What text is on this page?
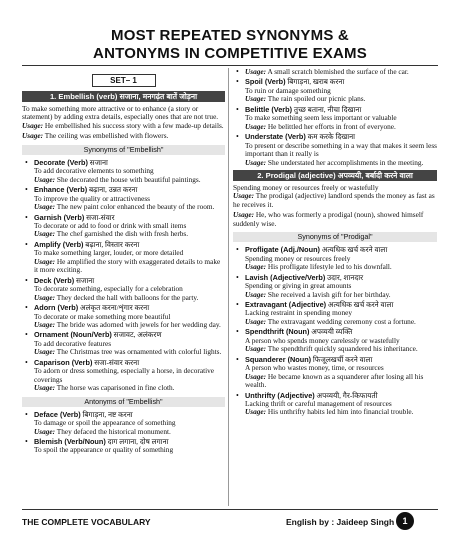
MOST REPEATED SYNONYMS &
ANTONYMS IN COMPETITIVE EXAMS
SET– 1
1. Embellish (verb) सजाना, मनगढ़ंत बातें जोड़ना

To make something more attractive or to enhance (a story or statement) by adding extra details, especially ones that are not true.

Usage: He embellished his success story with a few made-up details.

Usage: The ceiling was embellished with flowers.

Synonyms of "Embellish"
• Decorate (Verb) सजाना
To add decorative elements to something
Usage: She decorated the house with beautiful paintings.
• Enhance (Verb) बढ़ाना, उन्नत करना
To improve the quality or attractiveness
Usage: The new paint color enhanced the beauty of the room.
• Garnish (Verb) सजा-संवार
To decorate or add to food or drink with small items
Usage: The chef garnished the dish with fresh herbs.
• Amplify (Verb) बढ़ाना, विस्तार करना
To make something larger, louder, or more detailed
Usage: He amplified the story with exaggerated details to make it more exciting.
• Deck (Verb) सजाना
To decorate something, especially for a celebration
Usage: They decked the hall with balloons for the party.
• Adorn (Verb) अलंकृत करना/शृंगार करना
To decorate or make something more beautiful
Usage: The bride was adorned with jewels for her wedding day.
• Ornament (Noun/Verb) सजावट, अलंकरण
To add decorative features
Usage: The Christmas tree was ornamented with colorful lights.
• Caparison (Verb) सजा-संवार करना
To adorn or dress something, especially a horse, in decorative coverings
Usage: The horse was caparisoned in fine cloth.
Antonyms of "Embellish"
• Deface (Verb) बिगाड़ना, नष्ट करना
To damage or spoil the appearance of something
Usage: They defaced the historical monument.
• Blemish (Verb/Noun) दाग लगाना, दोष लगाना
To spoil the appearance or quality of something
• Usage: A small scratch blemished the surface of the car.
• Spoil (Verb) बिगाड़ना, खराब करना
To ruin or damage something
Usage: The rain spoiled our picnic plans.
• Belittle (Verb) तुच्छ बताना, नीचा दिखाना
To make something seem less important or valuable
Usage: He belittled her efforts in front of everyone.
• Understate (Verb) कम करके दिखाना
To present or describe something in a way that makes it seem less important than it really is
Usage: She understated her accomplishments in the meeting.
2. Prodigal (adjective) अपव्ययी, बर्बादी करने वाला

Spending money or resources freely or wastefully

Usage: The prodigal (adjective) landlord spends the money as fast as he receives it.

Usage: He, who was formerly a prodigal (noun), showed himself suddenly wise.

Synonyms of "Prodigal"
• Profligate (Adj./Noun) अत्यधिक खर्च करने वाला
Spending money or resources freely
Usage: His profligate lifestyle led to his downfall.
• Lavish (Adjective/Verb) उदार, शानदार
Spending or giving in great amounts
Usage: She received a lavish gift for her birthday.
• Extravagant (Adjective) अत्यधिक खर्च करने वाला
Lacking restraint in spending money
Usage: The extravagant wedding ceremony cost a fortune.
• Spendthrift (Noun) अपव्ययी व्यक्ति
A person who spends money carelessly or wastefully
Usage: The spendthrift quickly squandered his inheritance.
• Squanderer (Noun) फिजूलखर्ची करने वाला
A person who wastes money, time, or resources
Usage: He became known as a squanderer after losing all his wealth.
• Unthrifty (Adjective) अपव्ययी, गैर-किफायती
Lacking thrift or careful management of resources
Usage: His unthrifty habits led him into financial trouble.
THE COMPLETE VOCABULARY	English by : Jaideep Singh 1
